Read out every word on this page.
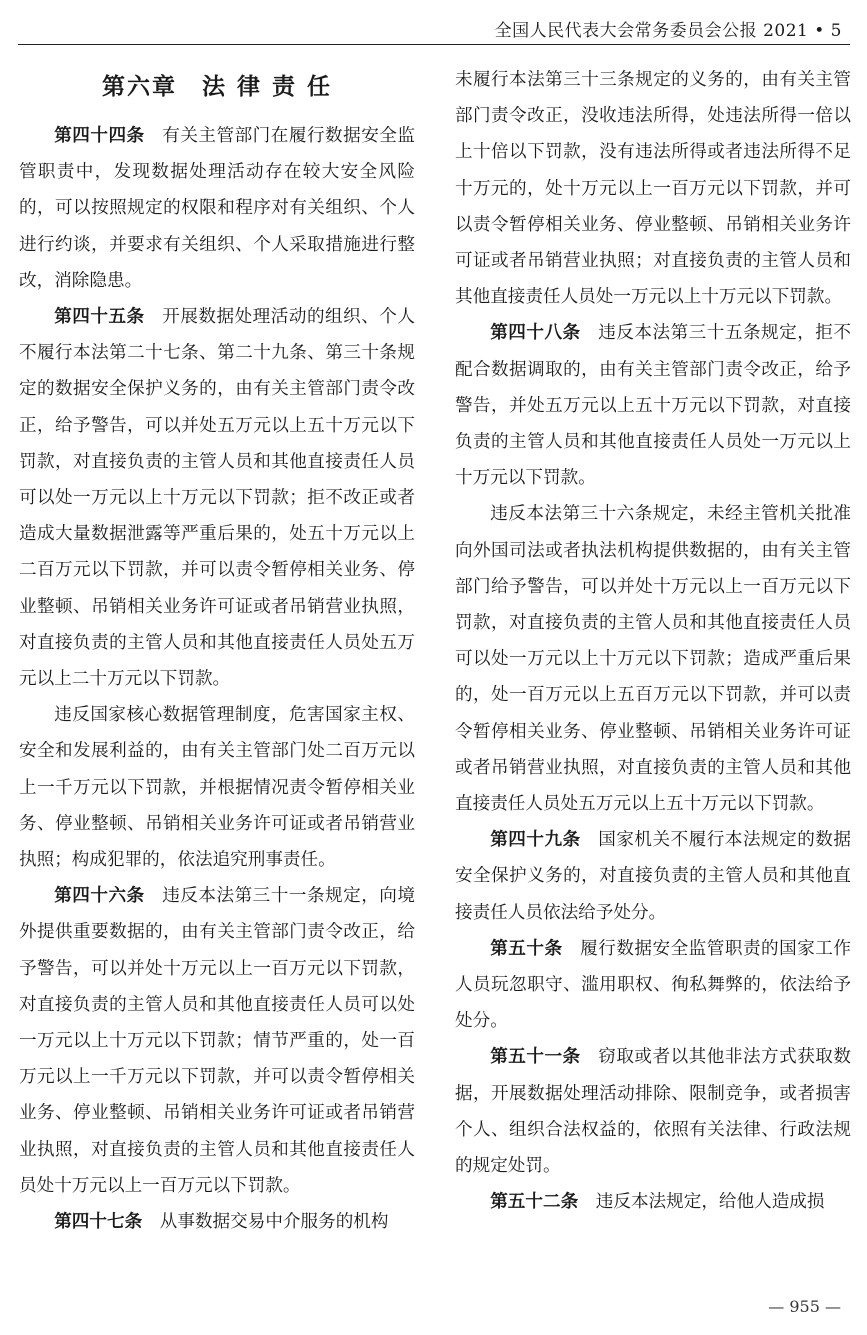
全国人民代表大会常务委员会公报 2021 • 5
第六章　法 律 责 任

第四十四条 有关主管部门在履行数据安全监管职责中，发现数据处理活动存在较大安全风险的，可以按照规定的权限和程序对有关组织、个人进行约谈，并要求有关组织、个人采取措施进行整改，消除隐患。

第四十五条 开展数据处理活动的组织、个人不履行本法第二十七条、第二十九条、第三十条规定的数据安全保护义务的，由有关主管部门责令改正，给予警告，可以并处五万元以上五十万元以下罚款，对直接负责的主管人员和其他直接责任人员可以处一万元以上十万元以下罚款；拒不改正或者造成大量数据泄露等严重后果的，处五十万元以上二百万元以下罚款，并可以责令暂停相关业务、停业整顿、吊销相关业务许可证或者吊销营业执照，对直接负责的主管人员和其他直接责任人员处五万元以上二十万元以下罚款。

违反国家核心数据管理制度，危害国家主权、安全和发展利益的，由有关主管部门处二百万元以上一千万元以下罚款，并根据情况责令暂停相关业务、停业整顿、吊销相关业务许可证或者吊销营业执照；构成犯罪的，依法追究刑事责任。

第四十六条 违反本法第三十一条规定，向境外提供重要数据的，由有关主管部门责令改正，给予警告，可以并处十万元以上一百万元以下罚款，对直接负责的主管人员和其他直接责任人员可以处一万元以上十万元以下罚款；情节严重的，处一百万元以上一千万元以下罚款，并可以责令暂停相关业务、停业整顿、吊销相关业务许可证或者吊销营业执照，对直接负责的主管人员和其他直接责任人员处十万元以上一百万元以下罚款。

第四十七条 从事数据交易中介服务的机构

未履行本法第三十三条规定的义务的，由有关主管部门责令改正，没收违法所得，处违法所得一倍以上十倍以下罚款，没有违法所得或者违法所得不足十万元的，处十万元以上一百万元以下罚款，并可以责令暂停相关业务、停业整顿、吊销相关业务许可证或者吊销营业执照；对直接负责的主管人员和其他直接责任人员处一万元以上十万元以下罚款。

第四十八条 违反本法第三十五条规定，拒不配合数据调取的，由有关主管部门责令改正，给予警告，并处五万元以上五十万元以下罚款，对直接负责的主管人员和其他直接责任人员处一万元以上十万元以下罚款。

违反本法第三十六条规定，未经主管机关批准向外国司法或者执法机构提供数据的，由有关主管部门给予警告，可以并处十万元以上一百万元以下罚款，对直接负责的主管人员和其他直接责任人员可以处一万元以上十万元以下罚款；造成严重后果的，处一百万元以上五百万元以下罚款，并可以责令暂停相关业务、停业整顿、吊销相关业务许可证或者吊销营业执照，对直接负责的主管人员和其他直接责任人员处五万元以上五十万元以下罚款。

第四十九条 国家机关不履行本法规定的数据安全保护义务的，对直接负责的主管人员和其他直接责任人员依法给予处分。

第五十条 履行数据安全监管职责的国家工作人员玩忽职守、滥用职权、徇私舞弊的，依法给予处分。

第五十一条 窃取或者以其他非法方式获取数据，开展数据处理活动排除、限制竞争，或者损害个人、组织合法权益的，依照有关法律、行政法规的规定处罚。

第五十二条 违反本法规定，给他人造成损

— 955 —
